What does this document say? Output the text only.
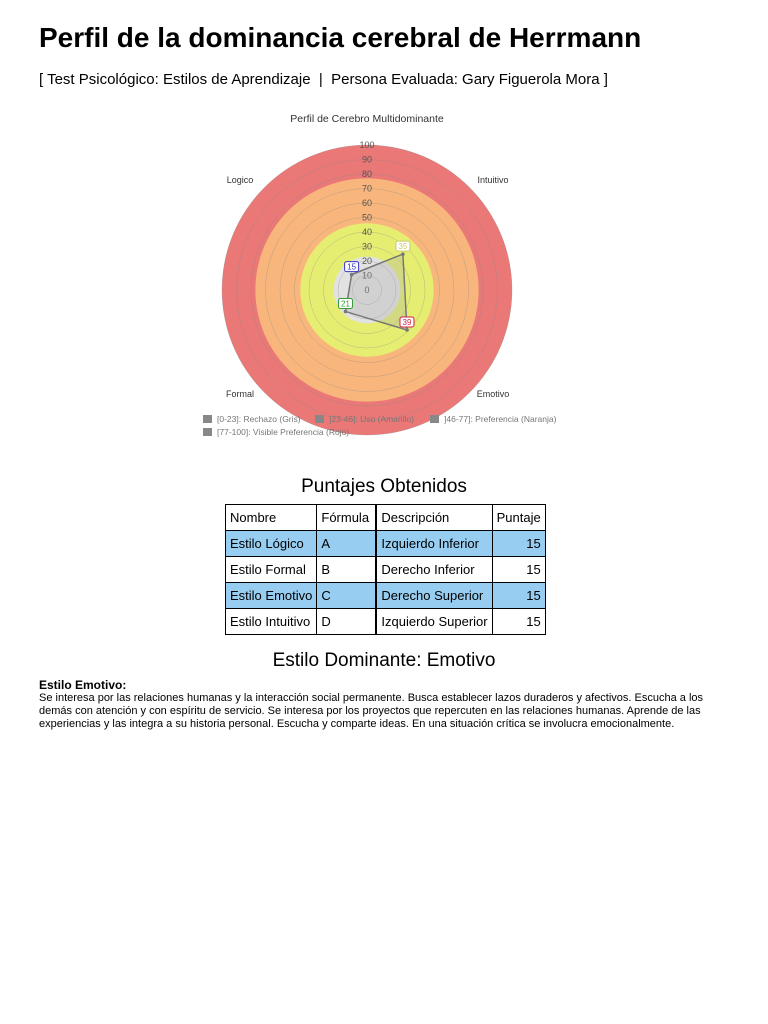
Perfil de la dominancia cerebral de Herrmann
[ Test Psicológico: Estilos de Aprendizaje  |  Persona Evaluada: Gary Figuerola Mora ]
Perfil de Cerebro Multidominante
20
30
40
50
60
70
80
90
100
Logico	Intuitivo
Emotivo
Formal
15
35
39
21
[0-23]: Rechazo (Gris)	]23-46]: Uso (Amarillo)	]46-77]: Preferencia (Naranja)
[77-100]: Visible Preferencia (Rojo)
Puntajes Obtenidos
Nombre	Fórmula	Descripción	Puntaje
Estilo Lógico	A	Izquierdo Inferior	15
Estilo Formal	B	Derecho Inferior	15
Estilo Emotivo	C	Derecho Superior	15
Estilo Intuitivo	D	Izquierdo Superior	15
Estilo Dominante: Emotivo
Estilo Emotivo:
Se interesa por las relaciones humanas y la interacción social permanente. Busca establecer lazos duraderos y afectivos. Escucha a los demás con atención y con espíritu de servicio. Se interesa por los proyectos que repercuten en las relaciones humanas. Aprende de las experiencias y las integra a su historia personal. Escucha y comparte ideas. En una situación crítica se involucra emocionalmente.
